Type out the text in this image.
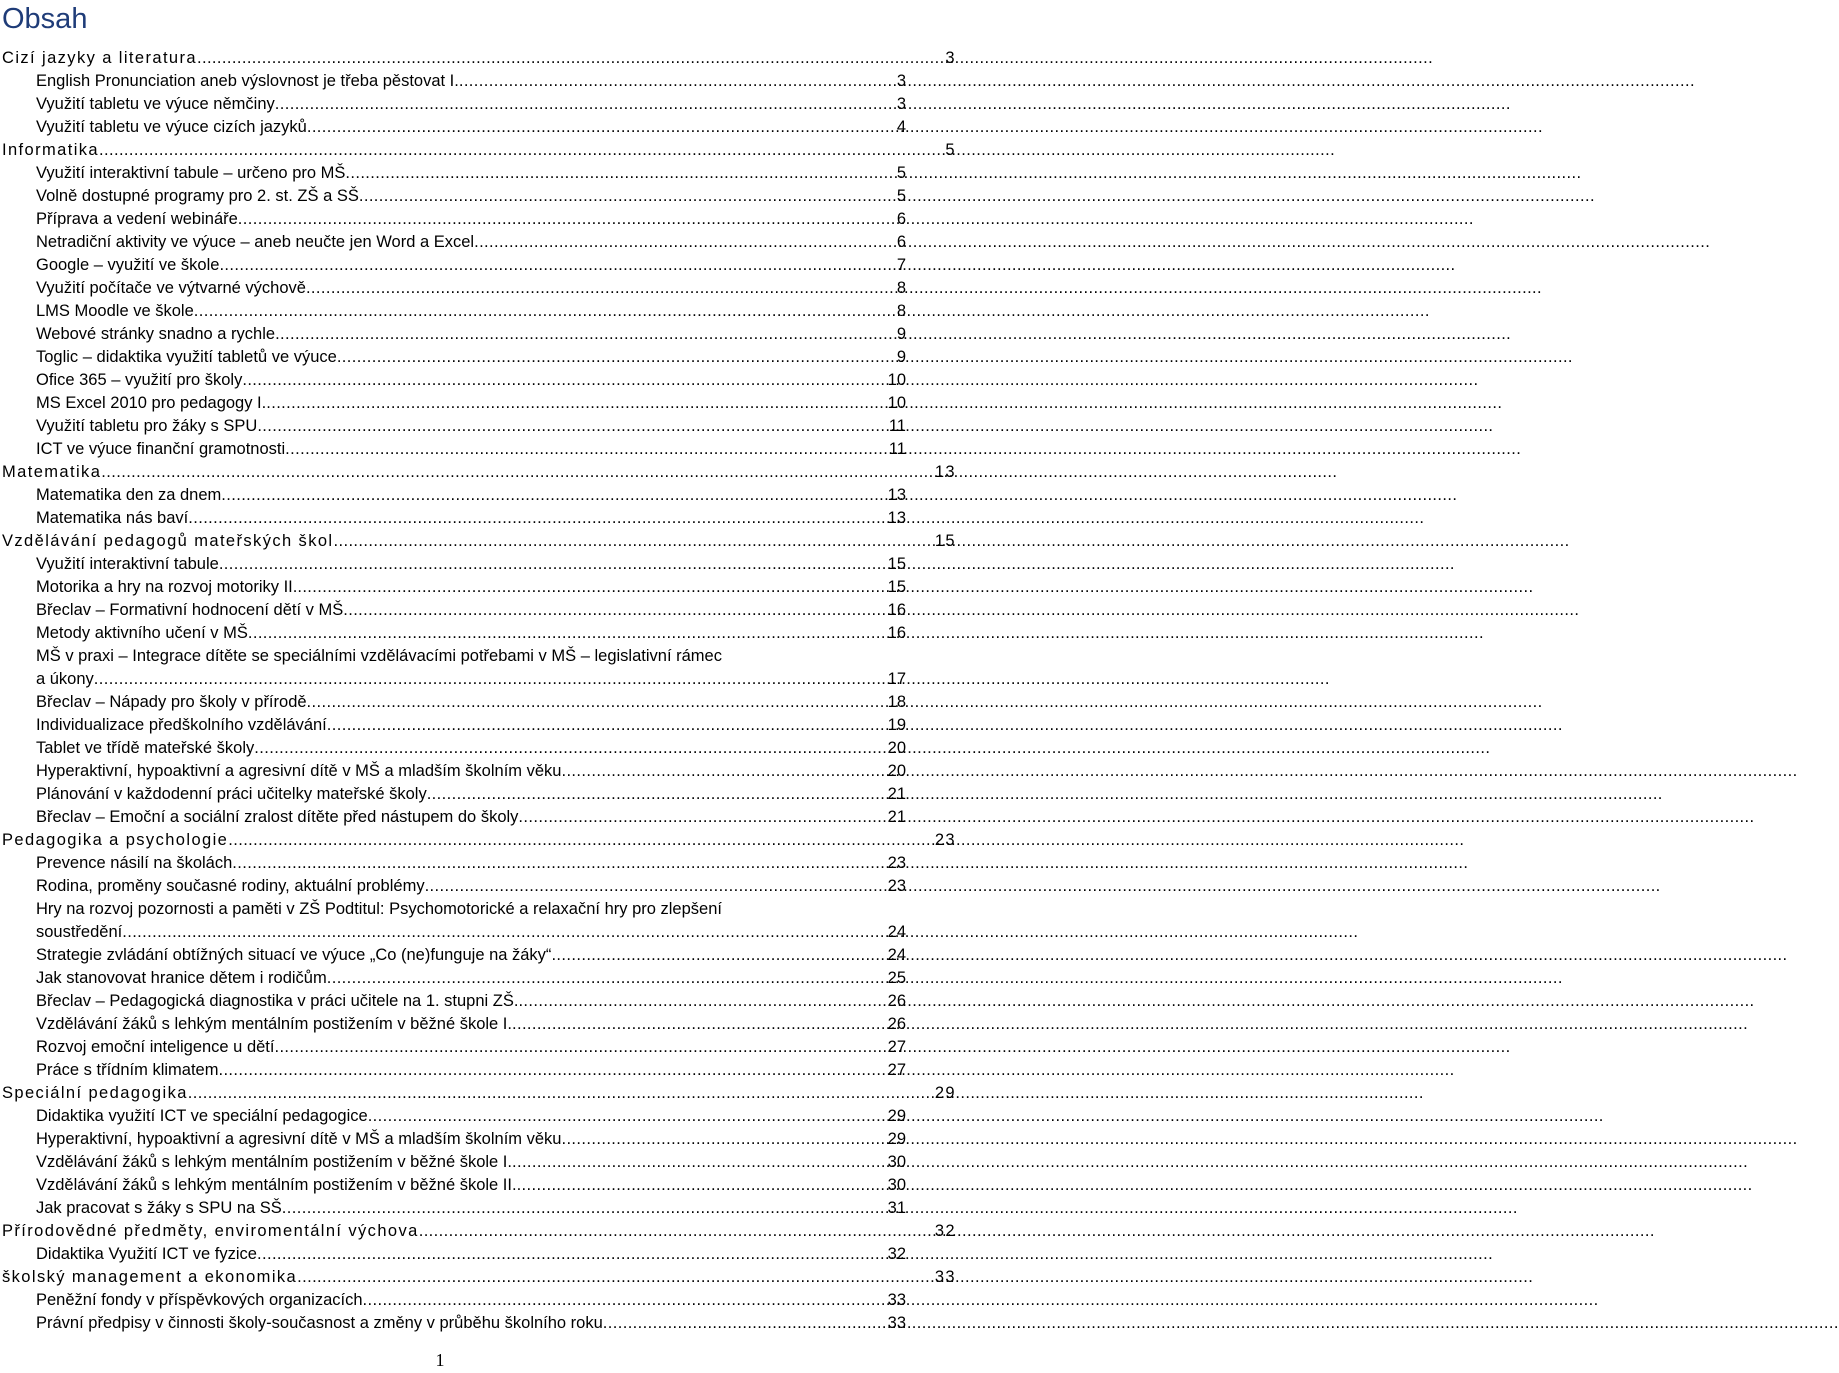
Obsah
Cizí jazyky a literatura .....	3
English Pronunciation aneb výslovnost je třeba pěstovat I. .....	3
Využití tabletu ve výuce němčiny .....	3
Využití tabletu ve výuce cizích jazyků .....	4
Informatika .....	5
Využití interaktivní tabule – určeno pro MŠ .....	5
Volně dostupné programy pro 2. st. ZŠ a SŠ .....	5
Příprava a vedení webináře .....	6
Netradiční aktivity ve výuce – aneb neučte jen Word a Excel .....	6
Google – využití ve škole .....	7
Využití počítače ve výtvarné výchově .....	8
LMS Moodle ve škole .....	8
Webové stránky snadno a rychle .....	9
Toglic – didaktika využití tabletů ve výuce .....	9
Ofice 365 – využití pro školy .....	10
MS Excel 2010 pro pedagogy I. .....	10
Využití tabletu pro žáky s SPU .....	11
ICT ve výuce finanční gramotnosti .....	11
Matematika .....	13
Matematika den za dnem .....	13
Matematika nás baví .....	13
Vzdělávání pedagogů mateřských škol .....	15
Využití interaktivní tabule .....	15
Motorika a hry na rozvoj motoriky II. .....	15
Břeclav – Formativní hodnocení dětí v MŠ .....	16
Metody aktivního učení v MŠ .....	16
MŠ v praxi – Integrace dítěte se speciálními vzdělávacími potřebami v MŠ – legislativní rámec
a úkony .....	17
Břeclav – Nápady pro školy v přírodě .....	18
Individualizace předškolního vzdělávání .....	19
Tablet ve třídě mateřské školy .....	20
Hyperaktivní, hypoaktivní a agresivní dítě v MŠ a mladším školním věku .....	20
Plánování v každodenní práci učitelky mateřské školy .....	21
Břeclav – Emoční a sociální zralost dítěte před nástupem do školy .....	21
Pedagogika a psychologie .....	23
Prevence násilí na školách .....	23
Rodina, proměny současné rodiny, aktuální problémy .....	23
Hry na rozvoj pozornosti a paměti v ZŠ Podtitul: Psychomotorické a relaxační hry pro zlepšení
soustředění .....	24
Strategie zvládání obtížných situací ve výuce „Co (ne)funguje na žáky“ .....	24
Jak stanovovat hranice dětem i rodičům .....	25
Břeclav – Pedagogická diagnostika v práci učitele na 1. stupni ZŠ. .....	26
Vzdělávání žáků s lehkým mentálním postižením v běžné škole I. .....	26
Rozvoj emoční inteligence u dětí .....	27
Práce s třídním klimatem .....	27
Speciální pedagogika .....	29
Didaktika využití ICT ve speciální pedagogice .....	29
Hyperaktivní, hypoaktivní a agresivní dítě v MŠ a mladším školním věku .....	29
Vzdělávání žáků s lehkým mentálním postižením v běžné škole I. .....	30
Vzdělávání žáků s lehkým mentálním postižením v běžné škole II. .....	30
Jak pracovat s žáky s SPU na SŠ .....	31
Přírodovědné předměty, enviromentální výchova .....	32
Didaktika Využití ICT ve fyzice .....	32
školský management a ekonomika .....	33
Peněžní fondy v příspěvkových organizacích .....	33
Právní předpisy v činnosti školy-současnost a změny v průběhu školního roku .....	33
1
